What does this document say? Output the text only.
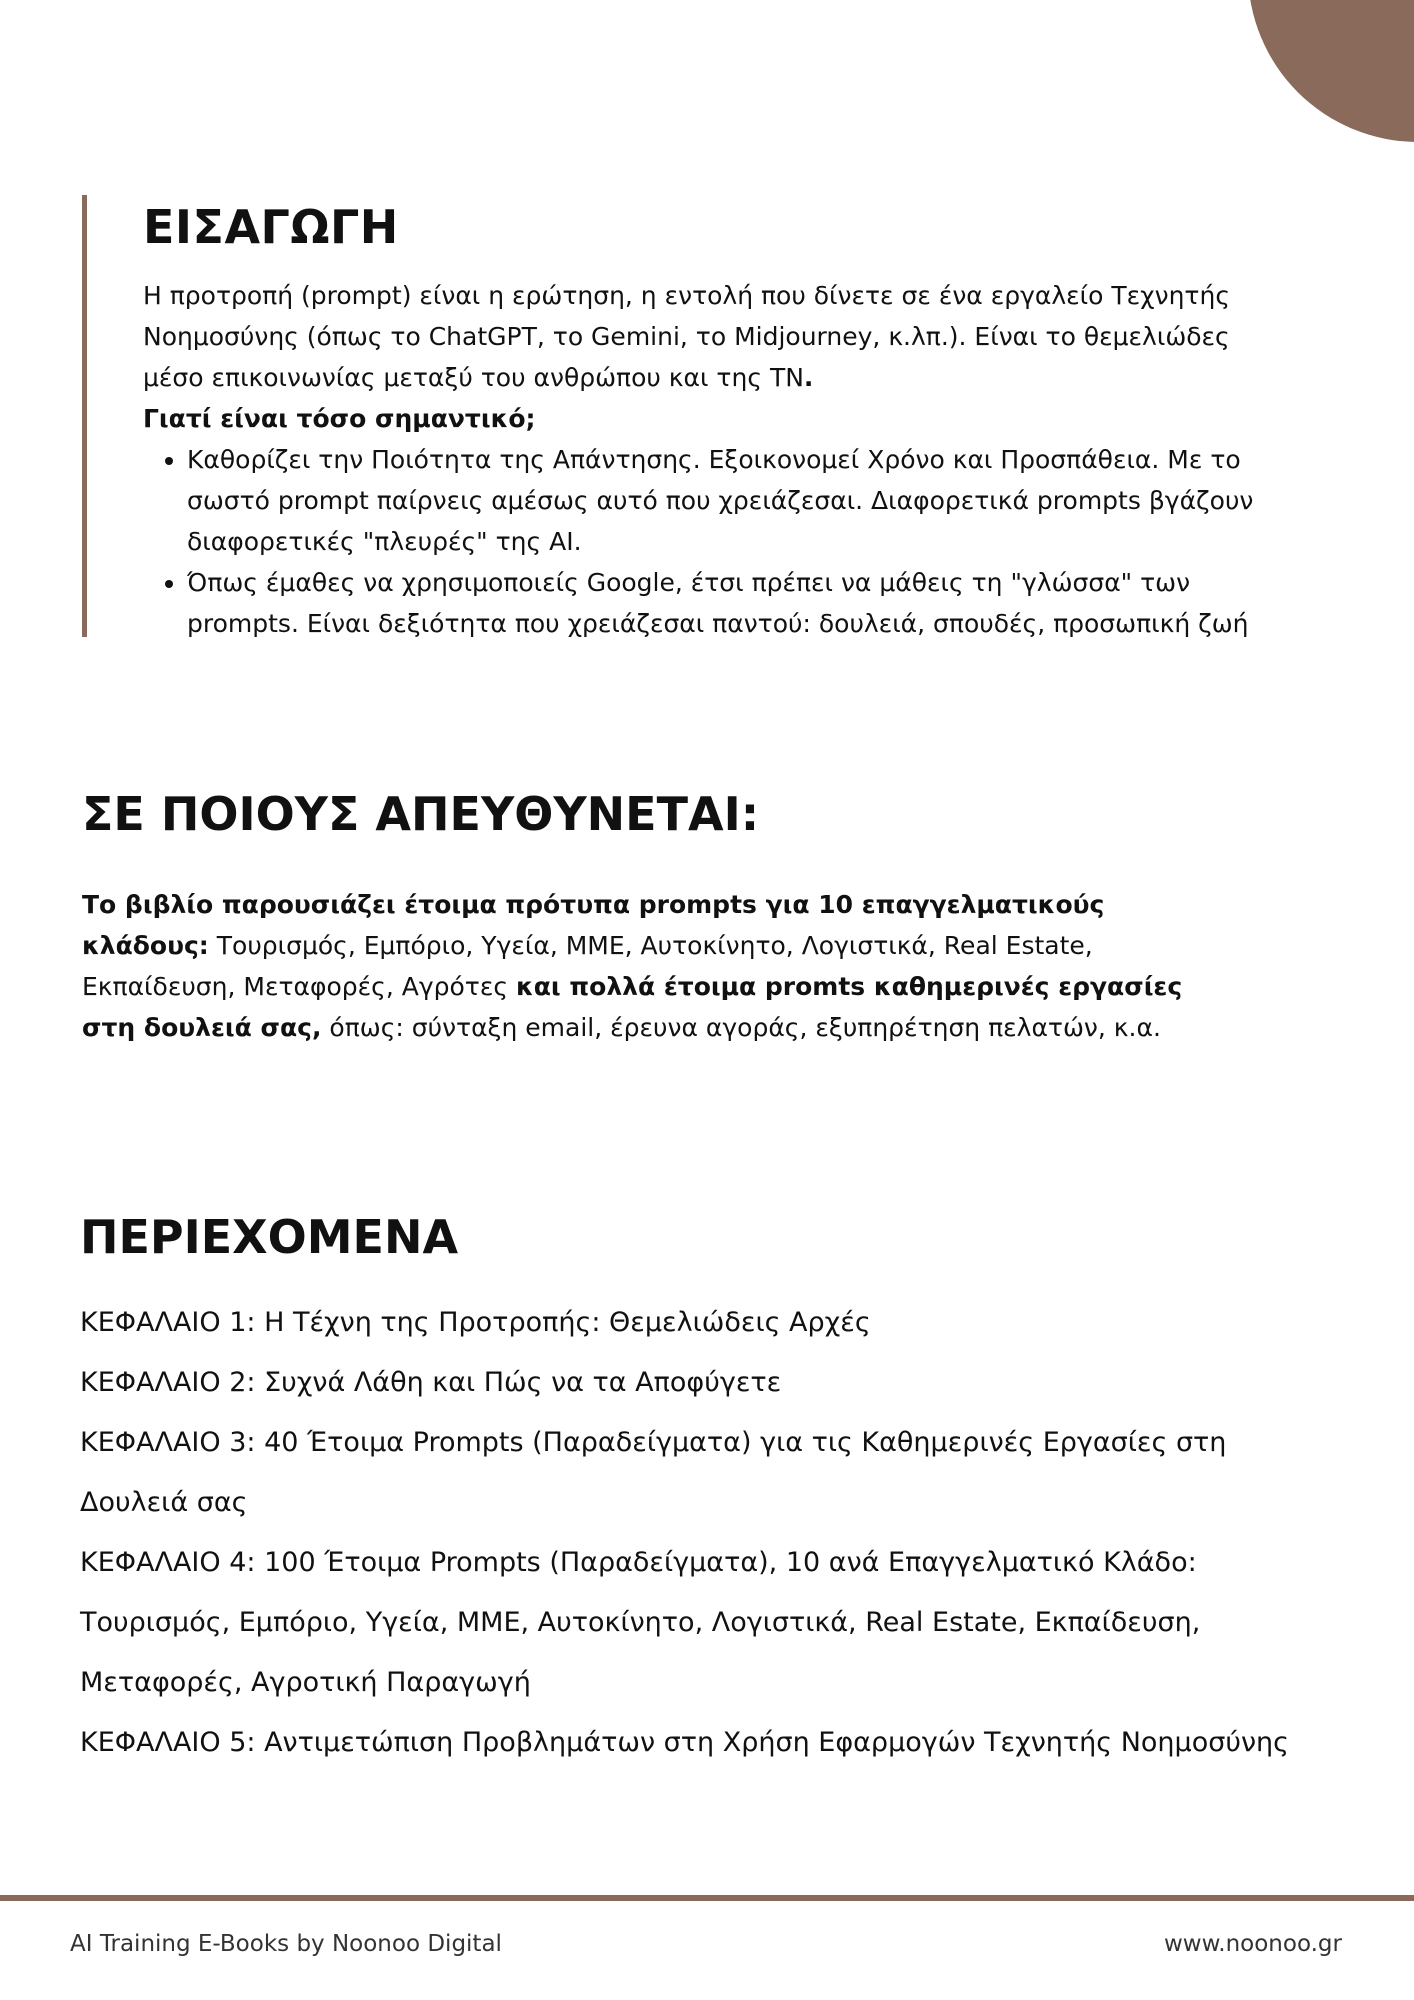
ΕΙΣΑΓΩΓΗ

Η προτροπή (prompt) είναι η ερώτηση, η εντολή που δίνετε σε ένα εργαλείο Τεχνητής Νοημοσύνης (όπως το ChatGPT, το Gemini, το Midjourney, κ.λπ.). Είναι το θεμελιώδες μέσο επικοινωνίας μεταξύ του ανθρώπου και της ΤΝ.

Γιατί είναι τόσο σημαντικό;

• Καθορίζει την Ποιότητα της Απάντησης. Εξοικονομεί Χρόνο και Προσπάθεια. Με το σωστό prompt παίρνεις αμέσως αυτό που χρειάζεσαι. Διαφορετικά prompts βγάζουν διαφορετικές "πλευρές" της AI.
• Όπως έμαθες να χρησιμοποιείς Google, έτσι πρέπει να μάθεις τη "γλώσσα" των prompts. Είναι δεξιότητα που χρειάζεσαι παντού: δουλειά, σπουδές, προσωπική ζωή
ΣΕ ΠΟΙΟΥΣ ΑΠΕΥΘΥΝΕΤΑΙ:

Το βιβλίο παρουσιάζει έτοιμα πρότυπα prompts για 10 επαγγελματικούς κλάδους: Τουρισμός, Εμπόριο, Υγεία, ΜΜΕ, Αυτοκίνητο, Λογιστικά, Real Estate, Εκπαίδευση, Μεταφορές, Αγρότες και πολλά έτοιμα promts καθημερινές εργασίες στη δουλειά σας, όπως: σύνταξη email, έρευνα αγοράς, εξυπηρέτηση πελατών, κ.α.

ΠΕΡΙΕΧΟΜΕΝΑ
ΚΕΦΑΛΑΙΟ 1: Η Τέχνη της Προτροπής: Θεμελιώδεις Αρχές
ΚΕΦΑΛΑΙΟ 2: Συχνά Λάθη και Πώς να τα Αποφύγετε
ΚΕΦΑΛΑΙΟ 3: 40 Έτοιμα Prompts (Παραδείγματα) για τις Καθημερινές Εργασίες στη Δουλειά σας
ΚΕΦΑΛΑΙΟ 4: 100 Έτοιμα Prompts (Παραδείγματα), 10 ανά Επαγγελματικό Κλάδο: Τουρισμός, Εμπόριο, Υγεία, ΜΜΕ, Αυτοκίνητο, Λογιστικά, Real Estate, Εκπαίδευση, Μεταφορές, Αγροτική Παραγωγή
ΚΕΦΑΛΑΙΟ 5: Αντιμετώπιση Προβλημάτων στη Χρήση Εφαρμογών Τεχνητής Νοημοσύνης
AI Training E-Books by Noonoo Digital	www.noonoo.gr
